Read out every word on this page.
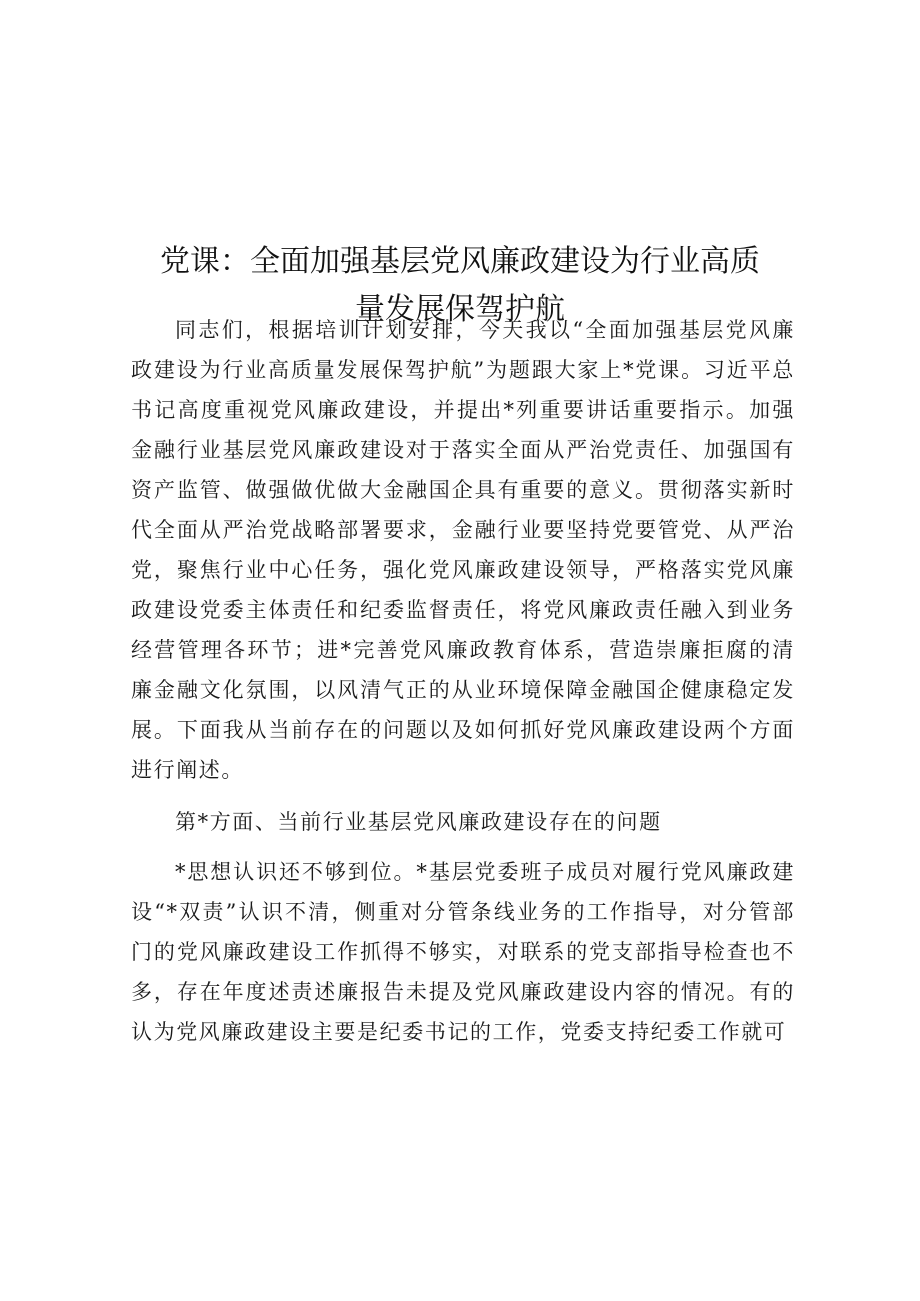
党课：全面加强基层党风廉政建设为行业高质
量发展保驾护航

同志们，根据培训计划安排，今天我以“全面加强基层党风廉政建设为行业高质量发展保驾护航”为题跟大家上*党课。习近平总书记高度重视党风廉政建设，并提出*列重要讲话重要指示。加强金融行业基层党风廉政建设对于落实全面从严治党责任、加强国有资产监管、做强做优做大金融国企具有重要的意义。贯彻落实新时代全面从严治党战略部署要求，金融行业要坚持党要管党、从严治党，聚焦行业中心任务，强化党风廉政建设领导，严格落实党风廉政建设党委主体责任和纪委监督责任，将党风廉政责任融入到业务经营管理各环节；进*完善党风廉政教育体系，营造崇廉拒腐的清廉金融文化氛围，以风清气正的从业环境保障金融国企健康稳定发展。下面我从当前存在的问题以及如何抓好党风廉政建设两个方面进行阐述。

第*方面、当前行业基层党风廉政建设存在的问题

*思想认识还不够到位。*基层党委班子成员对履行党风廉政建设“*双责”认识不清，侧重对分管条线业务的工作指导，对分管部门的党风廉政建设工作抓得不够实，对联系的党支部指导检查也不多，存在年度述责述廉报告未提及党风廉政建设内容的情况。有的认为党风廉政建设主要是纪委书记的工作，党委支持纪委工作就可
